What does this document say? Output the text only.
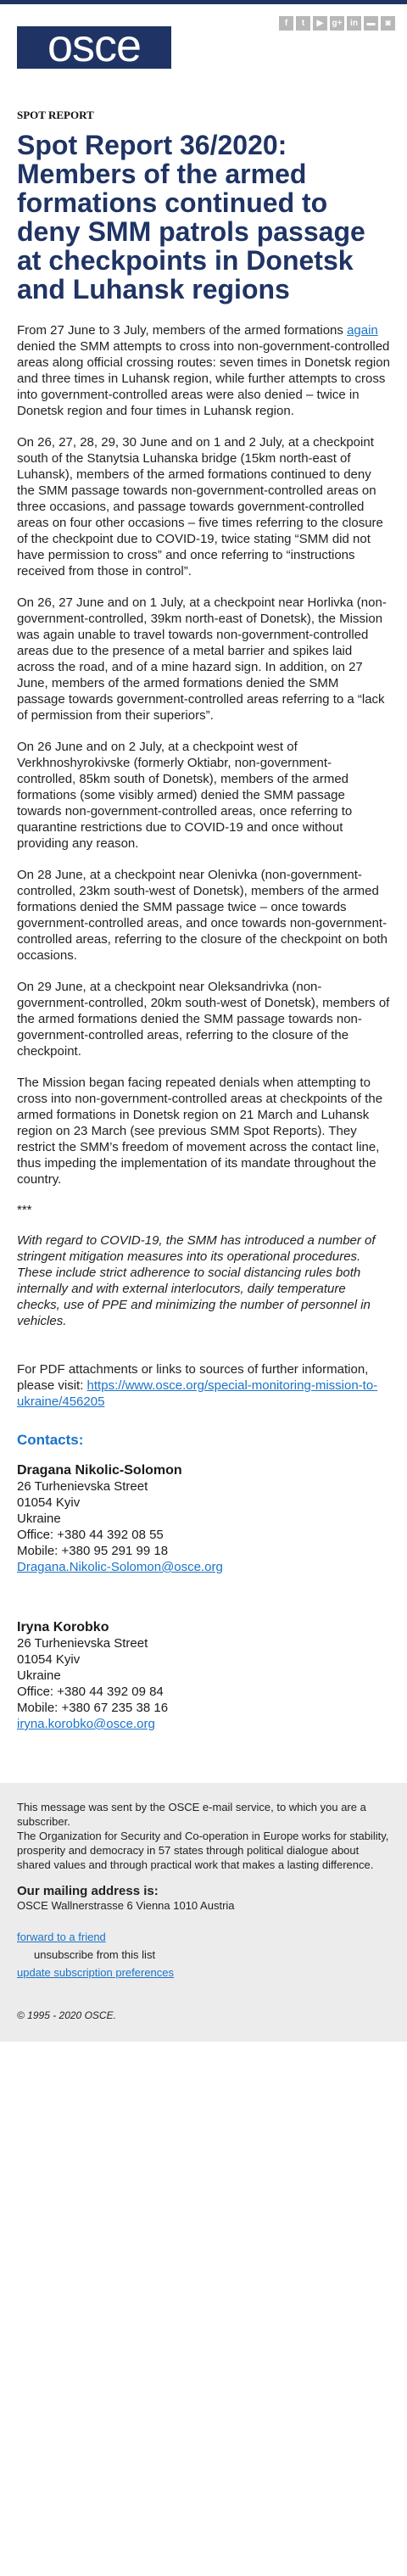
osce	f	t	▶	g+ in	▬	◙
SPOT REPORT
Spot Report 36/2020: Members of the armed formations continued to deny SMM patrols passage at checkpoints in Donetsk and Luhansk regions

From 27 June to 3 July, members of the armed formations again denied the SMM attempts to cross into non-government-controlled areas along official crossing routes: seven times in Donetsk region and three times in Luhansk region, while further attempts to cross into government-controlled areas were also denied – twice in Donetsk region and four times in Luhansk region.

On 26, 27, 28, 29, 30 June and on 1 and 2 July, at a checkpoint south of the Stanytsia Luhanska bridge (15km north-east of Luhansk), members of the armed formations continued to deny the SMM passage towards non-government-controlled areas on three occasions, and passage towards government-controlled areas on four other occasions – five times referring to the closure of the checkpoint due to COVID-19, twice stating “SMM did not have permission to cross” and once referring to “instructions received from those in control”.

On 26, 27 June and on 1 July, at a checkpoint near Horlivka (non-government-controlled, 39km north-east of Donetsk), the Mission was again unable to travel towards non-government-controlled areas due to the presence of a metal barrier and spikes laid across the road, and of a mine hazard sign. In addition, on 27 June, members of the armed formations denied the SMM passage towards government-controlled areas referring to a “lack of permission from their superiors”.

On 26 June and on 2 July, at a checkpoint west of Verkhnoshyrokivske (formerly Oktiabr, non-government-controlled, 85km south of Donetsk), members of the armed formations (some visibly armed) denied the SMM passage towards non-government-controlled areas, once referring to quarantine restrictions due to COVID-19 and once without providing any reason.

On 28 June, at a checkpoint near Olenivka (non-government-controlled, 23km south-west of Donetsk), members of the armed formations denied the SMM passage twice – once towards government-controlled areas, and once towards non-government-controlled areas, referring to the closure of the checkpoint on both occasions.

On 29 June, at a checkpoint near Oleksandrivka (non-government-controlled, 20km south-west of Donetsk), members of the armed formations denied the SMM passage towards non-government-controlled areas, referring to the closure of the checkpoint.

The Mission began facing repeated denials when attempting to cross into non-government-controlled areas at checkpoints of the armed formations in Donetsk region on 21 March and Luhansk region on 23 March (see previous SMM Spot Reports). They restrict the SMM’s freedom of movement across the contact line, thus impeding the implementation of its mandate throughout the country.

***

With regard to COVID-19, the SMM has introduced a number of stringent mitigation measures into its operational procedures. These include strict adherence to social distancing rules both internally and with external interlocutors, daily temperature checks, use of PPE and minimizing the number of personnel in vehicles.

For PDF attachments or links to sources of further information, please visit: https://www.osce.org/special-monitoring-mission-to-ukraine/456205

Contacts:
Dragana Nikolic-Solomon
26 Turhenievska Street
01054 Kyiv
Ukraine
Office: +380 44 392 08 55
Mobile: +380 95 291 99 18
Dragana.Nikolic-Solomon@osce.org
Iryna Korobko
26 Turhenievska Street
01054 Kyiv
Ukraine
Office: +380 44 392 09 84
Mobile: +380 67 235 38 16
iryna.korobko@osce.org
This message was sent by the OSCE e-mail service, to which you are a subscriber.
The Organization for Security and Co-operation in Europe works for stability, prosperity and democracy in 57 states through political dialogue about shared values and through practical work that makes a lasting difference.
Our mailing address is:
OSCE Wallnerstrasse 6 Vienna 1010 Austria
forward to a friend
unsubscribe from this list
update subscription preferences
© 1995 - 2020 OSCE.
